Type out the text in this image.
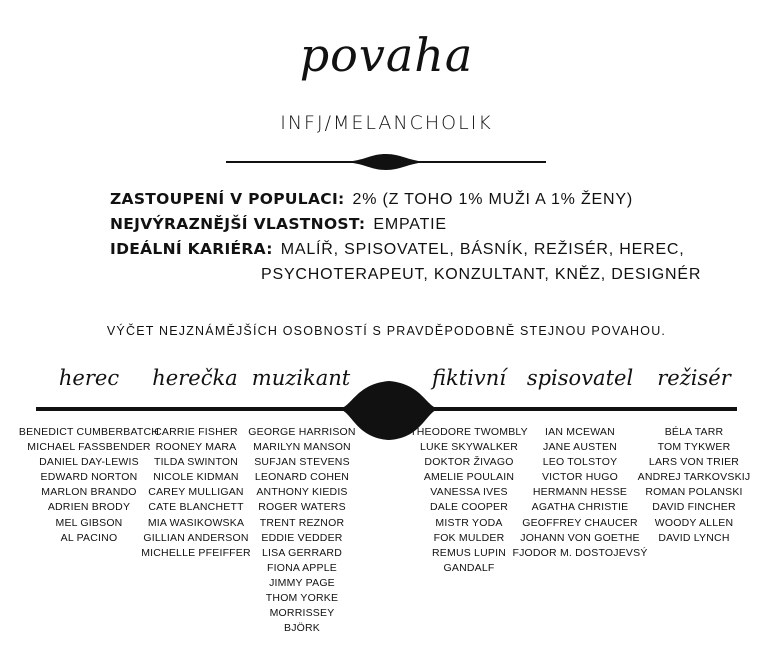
povaha
INFJ/MELANCHOLIK
ZASTOUPENÍ V POPULACI: 2% (Z TOHO 1% MUŽI A 1% ŽENY)
NEJVÝRAZNĚJŠÍ VLASTNOST: EMPATIE
IDEÁLNÍ KARIÉRA: MALÍŘ, SPISOVATEL, BÁSNÍK, REŽISÉR, HEREC,
PSYCHOTERAPEUT, KONZULTANT, KNĚZ, DESIGNÉR
VÝČET NEJZNÁMĚJŠÍCH OSOBNOSTÍ S PRAVDĚPODOBNĚ STEJNOU POVAHOU.
herec herečka muzikant	fiktivní spisovatel režisér
BENEDICT CUMBERBATCH
MICHAEL FASSBENDER
DANIEL DAY-LEWIS
EDWARD NORTON
MARLON BRANDO
ADRIEN BRODY
MEL GIBSON
AL PACINO
CARRIE FISHER
ROONEY MARA
TILDA SWINTON
NICOLE KIDMAN
CAREY MULLIGAN
CATE BLANCHETT
MIA WASIKOWSKA
GILLIAN ANDERSON
MICHELLE PFEIFFER
GEORGE HARRISON
MARILYN MANSON
SUFJAN STEVENS
LEONARD COHEN
ANTHONY KIEDIS
ROGER WATERS
TRENT REZNOR
EDDIE VEDDER
LISA GERRARD
FIONA APPLE
JIMMY PAGE
THOM YORKE
MORRISSEY
BJÖRK
THEODORE TWOMBLY
LUKE SKYWALKER
DOKTOR ŽIVAGO
AMELIE POULAIN
VANESSA IVES
DALE COOPER
MISTR YODA
FOK MULDER
REMUS LUPIN
GANDALF
IAN MCEWAN
JANE AUSTEN
LEO TOLSTOY
VICTOR HUGO
HERMANN HESSE
AGATHA CHRISTIE
GEOFFREY CHAUCER
JOHANN VON GOETHE
FJODOR M. DOSTOJEVSÝ
BÉLA TARR
TOM TYKWER
LARS VON TRIER
ANDREJ TARKOVSKIJ
ROMAN POLANSKI
DAVID FINCHER
WOODY ALLEN
DAVID LYNCH
